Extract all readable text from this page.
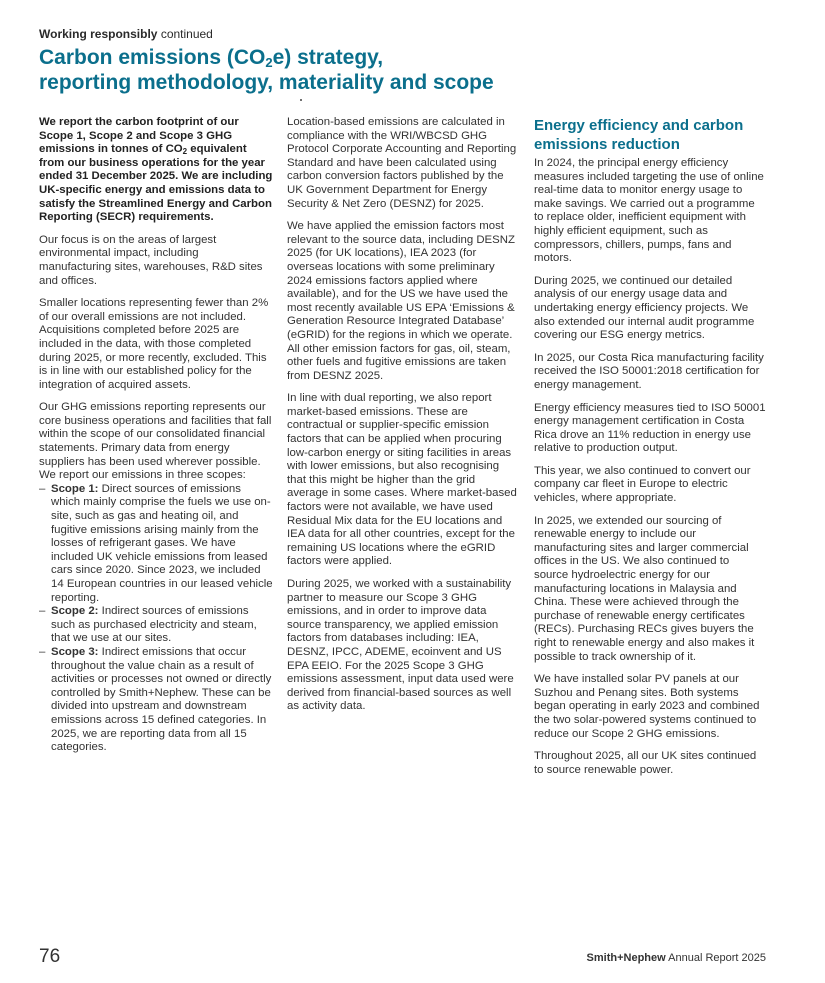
Working responsibly continued
Carbon emissions $(CO_2e)$ strategy,
reporting methodology, materiality and scope

We report the carbon footprint of our Scope 1, Scope 2 and Scope 3 GHG emissions in tonnes of $CO_2$ equivalent from our business operations for the year ended 31 December 2025. We are including UK-specific energy and emissions data to satisfy the Streamlined Energy and Carbon Reporting (SECR) requirements.

Our focus is on the areas of largest environmental impact, including manufacturing sites, warehouses, R&D sites and offices.

Smaller locations representing fewer than 2% of our overall emissions are not included. Acquisitions completed before 2025 are included in the data, with those completed during 2025, or more recently, excluded. This is in line with our established policy for the integration of acquired assets.

Our GHG emissions reporting represents our core business operations and facilities that fall within the scope of our consolidated financial statements. Primary data from energy suppliers has been used wherever possible. We report our emissions in three scopes:

– Scope 1: Direct sources of emissions which mainly comprise the fuels we use on-site, such as gas and heating oil, and fugitive emissions arising mainly from the losses of refrigerant gases. We have included UK vehicle emissions from leased cars since 2020. Since 2023, we included 14 European countries in our leased vehicle reporting.
– Scope 2: Indirect sources of emissions such as purchased electricity and steam, that we use at our sites.
– Scope 3: Indirect emissions that occur throughout the value chain as a result of activities or processes not owned or directly controlled by Smith+Nephew. These can be divided into upstream and downstream emissions across 15 defined categories. In 2025, we are reporting data from all 15 categories.

Location-based emissions are calculated in compliance with the WRI/WBCSD GHG Protocol Corporate Accounting and Reporting Standard and have been calculated using carbon conversion factors published by the UK Government Department for Energy Security & Net Zero (DESNZ) for 2025.

We have applied the emission factors most relevant to the source data, including DESNZ 2025 (for UK locations), IEA 2023 (for overseas locations with some preliminary 2024 emissions factors applied where available), and for the US we have used the most recently available US EPA ‘Emissions & Generation Resource Integrated Database’ (eGRID) for the regions in which we operate. All other emission factors for gas, oil, steam, other fuels and fugitive emissions are taken from DESNZ 2025.

In line with dual reporting, we also report market-based emissions. These are contractual or supplier-specific emission factors that can be applied when procuring low-carbon energy or siting facilities in areas with lower emissions, but also recognising that this might be higher than the grid average in some cases. Where market-based factors were not available, we have used Residual Mix data for the EU locations and IEA data for all other countries, except for the remaining US locations where the eGRID factors were applied.

During 2025, we worked with a sustainability partner to measure our Scope 3 GHG emissions, and in order to improve data source transparency, we applied emission factors from databases including: IEA, DESNZ, IPCC, ADEME, ecoinvent and US EPA EEIO. For the 2025 Scope 3 GHG emissions assessment, input data used were derived from financial-based sources as well as activity data.

Energy efficiency and carbon emissions reduction

In 2024, the principal energy efficiency measures included targeting the use of online real-time data to monitor energy usage to make savings. We carried out a programme to replace older, inefficient equipment with highly efficient equipment, such as compressors, chillers, pumps, fans and motors.

During 2025, we continued our detailed analysis of our energy usage data and undertaking energy efficiency projects. We also extended our internal audit programme covering our ESG energy metrics.

In 2025, our Costa Rica manufacturing facility received the ISO 50001:2018 certification for energy management.

Energy efficiency measures tied to ISO 50001 energy management certification in Costa Rica drove an 11% reduction in energy use relative to production output.

This year, we also continued to convert our company car fleet in Europe to electric vehicles, where appropriate.

In 2025, we extended our sourcing of renewable energy to include our manufacturing sites and larger commercial offices in the US. We also continued to source hydroelectric energy for our manufacturing locations in Malaysia and China. These were achieved through the purchase of renewable energy certificates (RECs). Purchasing RECs gives buyers the right to renewable energy and also makes it possible to track ownership of it.

We have installed solar PV panels at our Suzhou and Penang sites. Both systems began operating in early 2023 and combined the two solar-powered systems continued to reduce our Scope 2 GHG emissions.

Throughout 2025, all our UK sites continued to source renewable power.

76	Smith+Nephew Annual Report 2025
